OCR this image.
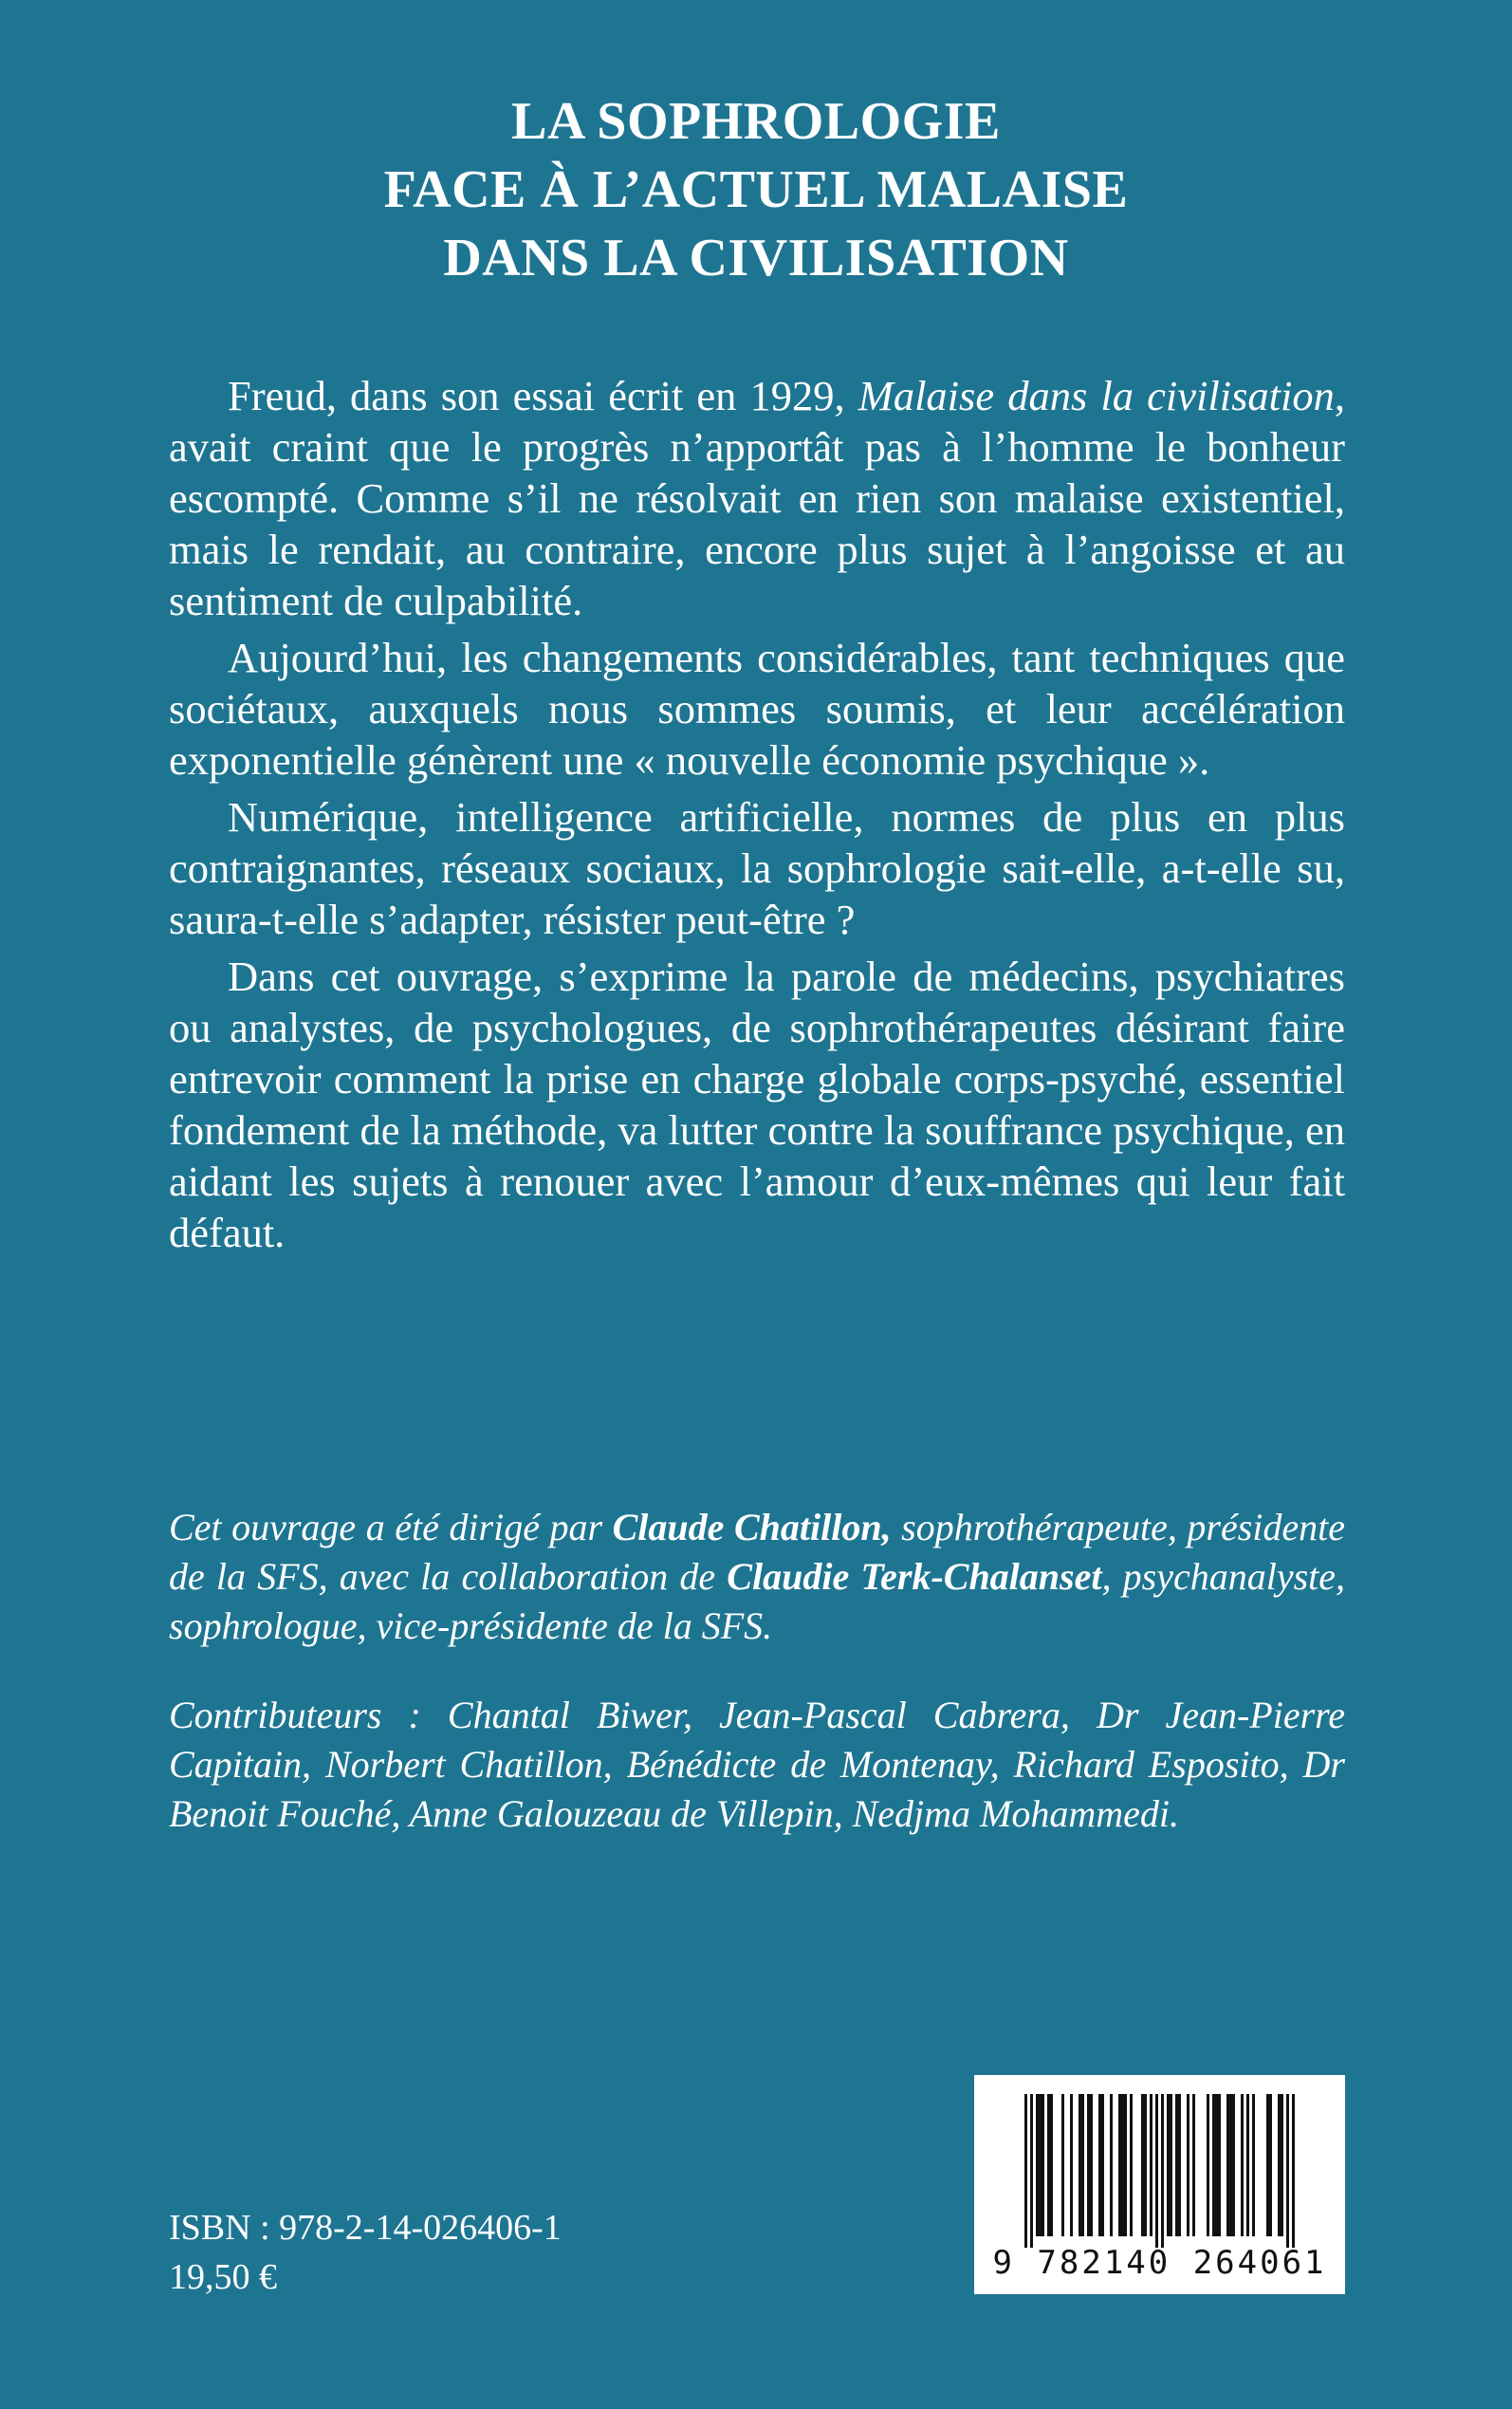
LA SOPHROLOGIE
FACE À L’ACTUEL MALAISE
DANS LA CIVILISATION

Freud, dans son essai écrit en 1929, Malaise dans la civilisation, avait craint que le progrès n’apportât pas à l’homme le bonheur escompté. Comme s’il ne résolvait en rien son malaise existentiel, mais le rendait, au contraire, encore plus sujet à l’angoisse et au sentiment de culpabilité.

Aujourd’hui, les changements considérables, tant techniques que sociétaux, auxquels nous sommes soumis, et leur accélération exponentielle génèrent une « nouvelle économie psychique ».

Numérique, intelligence artificielle, normes de plus en plus contraignantes, réseaux sociaux, la sophrologie sait-elle, a-t-elle su, saura-t-elle s’adapter, résister peut-être ?

Dans cet ouvrage, s’exprime la parole de médecins, psychiatres ou analystes, de psychologues, de sophrothérapeutes désirant faire entrevoir comment la prise en charge globale corps-psyché, essentiel fondement de la méthode, va lutter contre la souffrance psychique, en aidant les sujets à renouer avec l’amour d’eux-mêmes qui leur fait défaut.

Cet ouvrage a été dirigé par Claude Chatillon, sophrothérapeute, présidente de la SFS, avec la collaboration de Claudie Terk-Chalanset, psychanalyste, sophrologue, vice-présidente de la SFS.

Contributeurs : Chantal Biwer, Jean-Pascal Cabrera, Dr Jean-Pierre Capitain, Norbert Chatillon, Bénédicte de Montenay, Richard Esposito, Dr Benoit Fouché, Anne Galouzeau de Villepin, Nedjma Mohammedi.

ISBN : 978-2-14-026406-1
19,50 €	9 782140 264061
